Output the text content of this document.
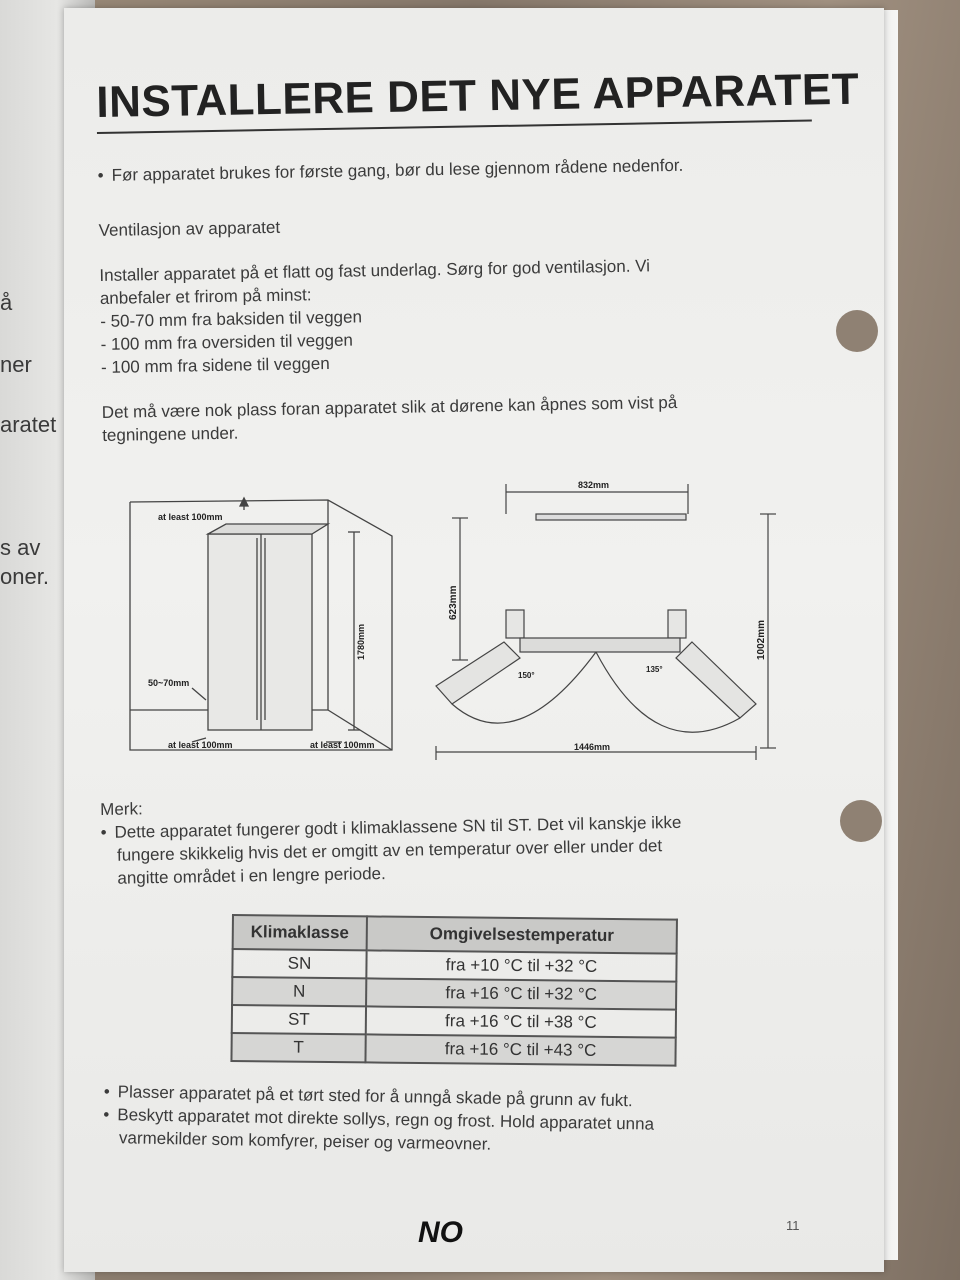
å
ner
aratet
s av
oner.
INSTALLERE DET NYE APPARATET
• Før apparatet brukes for første gang, bør du lese gjennom rådene nedenfor.
Ventilasjon av apparatet
Installer apparatet på et flatt og fast underlag. Sørg for god ventilasjon. Vi
anbefaler et frirom på minst:
- 50-70 mm fra baksiden til veggen
- 100 mm fra oversiden til veggen
- 100 mm fra sidene til veggen
Det må være nok plass foran apparatet slik at dørene kan åpnes som vist på
tegningene under.
at least 100mm
50~70mm
1780mm
at least 100mm	at least 100mm
832mm
623mm
1002mm
1446mm
150°
135°
Merk:
• Dette apparatet fungerer godt i klimaklassene SN til ST. Det vil kanskje ikke
fungere skikkelig hvis det er omgitt av en temperatur over eller under det
angitte området i en lengre periode.
Klimaklasse	Omgivelsestemperatur
SN	fra +10 °C til +32 °C
N	fra +16 °C til +32 °C
ST	fra +16 °C til +38 °C
T	fra +16 °C til +43 °C
• Plasser apparatet på et tørt sted for å unngå skade på grunn av fukt.
• Beskytt apparatet mot direkte sollys, regn og frost. Hold apparatet unna
varmekilder som komfyrer, peiser og varmeovner.
NO	11
